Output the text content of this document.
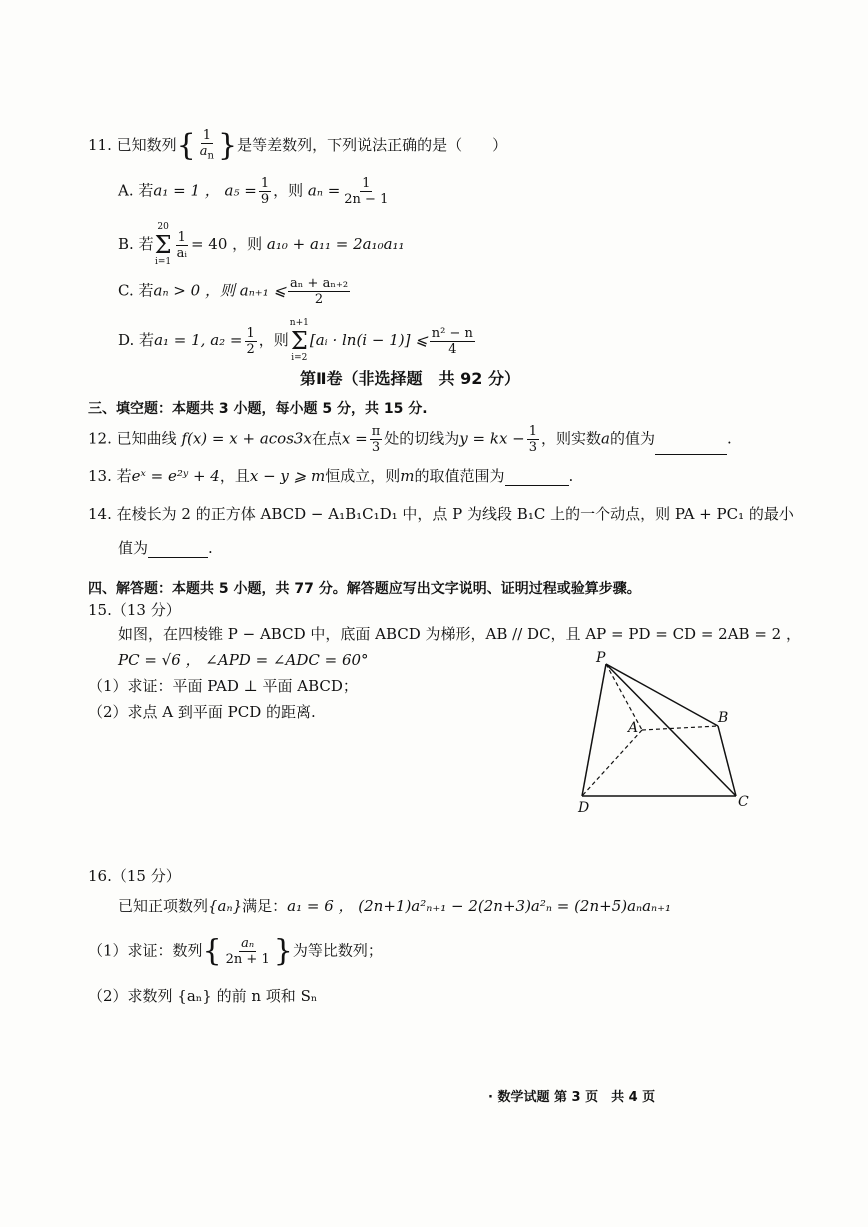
11. 已知数列{ $\frac{1}{a_n}$ }是等差数列，下列说法正确的是（　　）
A. 若a₁ = 1 ， $a_5 = \frac{1}{9}$ ，则 $a_n = \frac{1}{2n - 1}$
B. 若
20
Σ
i=1
$\frac{1}{\text{aᵢ}} = 40$ ，则 a₁₀ + a₁₁ = 2a₁₀a₁₁
C. 若aₙ > 0 ，则 aₙ₊₁ ⩽ $\frac{\text{aₙ + aₙ₊₂}}{2}$
D. 若a₁ = 1, $a_2 = \frac{1}{2}$ ，则
n+1
Σ
i=2
[aᵢ · ln(i − 1)] ⩽ $\frac{\text{n² − n}}{4}$
第Ⅱ卷（非选择题　共 92 分）
三、填空题：本题共 3 小题，每小题 5 分，共 15 分.
12. 已知曲线 f(x) = x + acos3x在点$x = \frac{\pi}{3}$ 处的切线为y = kx − $\frac{1}{3}$ ，则实数a的值为	.
13. 若eˣ = e²ʸ + 4，且x − y ⩾ m恒成立，则m的取值范围为	.
14. 在棱长为 2 的正方体 ABCD − A₁B₁C₁D₁ 中，点 P 为线段 B₁C 上的一个动点，则 PA + PC₁ 的最小
值为	.
四、解答题：本题共 5 小题，共 77 分。解答题应写出文字说明、证明过程或验算步骤。
15.（13 分）
如图，在四棱锥 P − ABCD 中，底面 ABCD 为梯形，AB // DC，且 AP = PD = CD = 2AB = 2 ，
PC = √6 ， ∠APD = ∠ADC = 60°
（1）求证：平面 PAD ⊥ 平面 ABCD；
（2）求点 A 到平面 PCD 的距离.
P
A
B
C
D
16.（15 分）
已知正项数列{aₙ}满足：a₁ = 6 ， (2n+1)a²ₙ₊₁ − 2(2n+3)a²ₙ = (2n+5)aₙaₙ₊₁
（1）求证：数列{ $\frac{\text{aₙ}}{2n + 1}$ }为等比数列；
（2）求数列 {aₙ} 的前 n 项和 Sₙ
· 数学试题 第 3 页　共 4 页
